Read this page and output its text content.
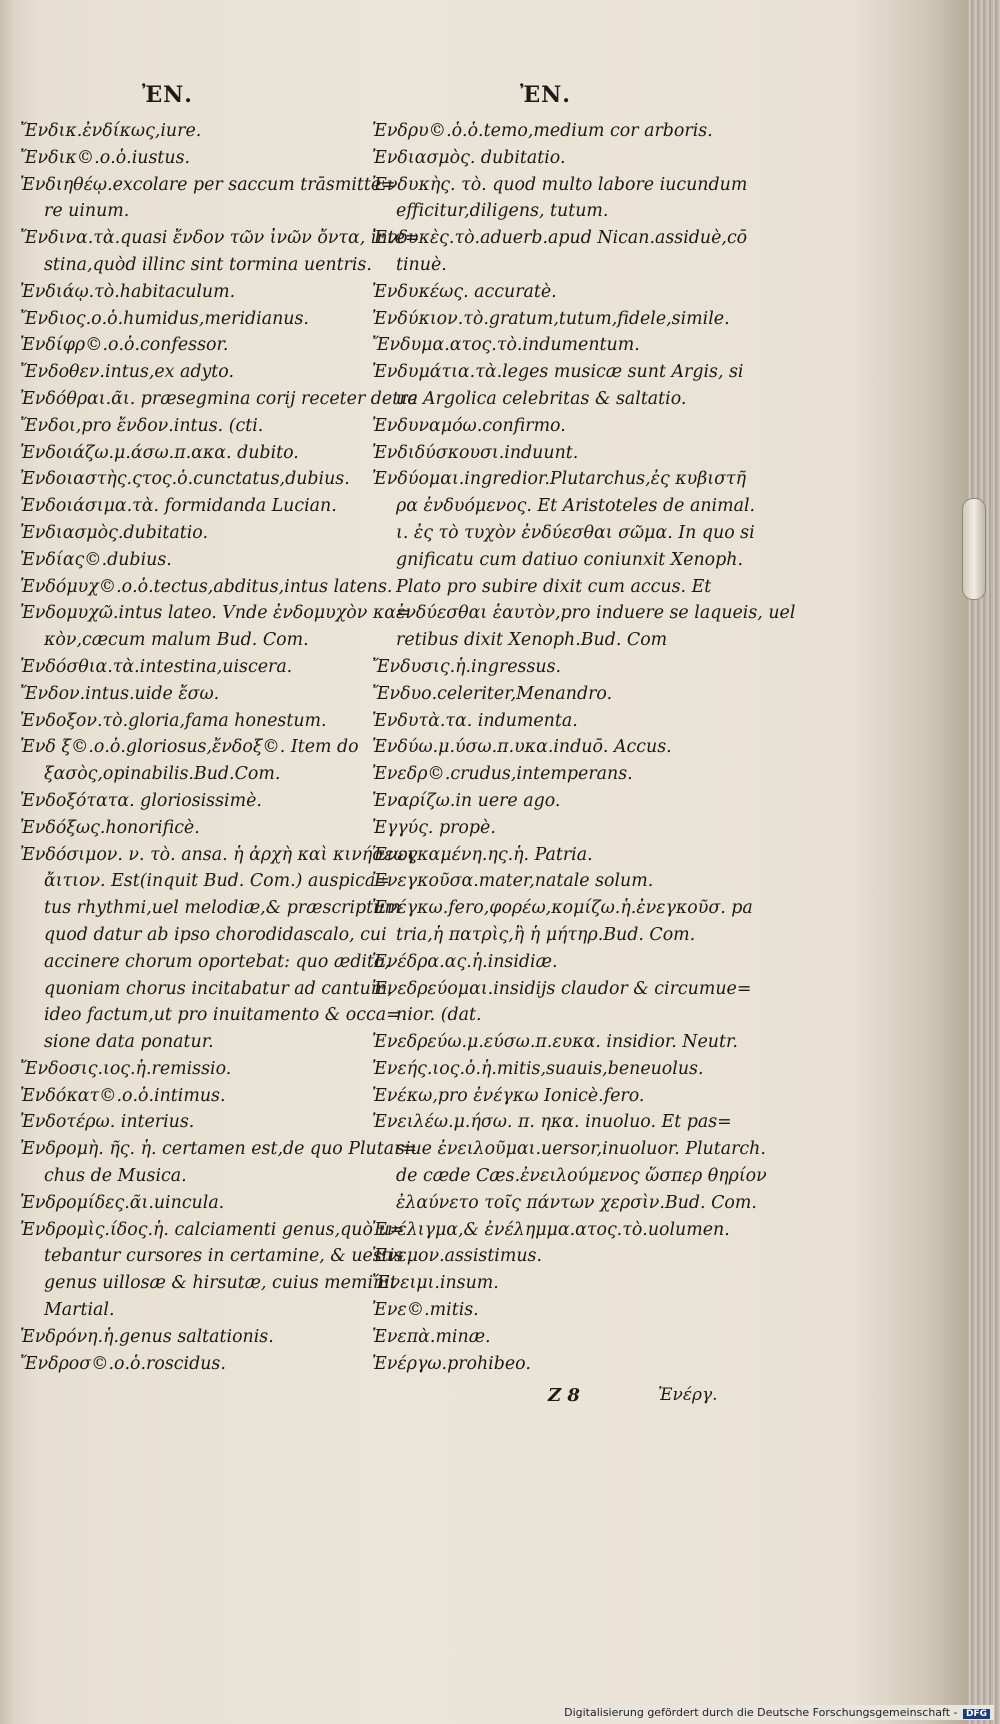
ἘΝ.	ἘΝ.
Ἔνδικ.ἐνδίκως,iure.
Ἔνδικ©.ο.ὁ.iustus.
Ἐνδιηθέῳ.excolare per saccum trāsmitte=
re uinum.
Ἔνδινα.τὰ.quasi ἔνδον τῶν ἰνῶν ὄντα, inte=
stina,quòd illinc sint tormina uentris.
Ἐνδιάῳ.τὸ.habitaculum.
Ἔνδιος.ο.ὁ.humidus,meridianus.
Ἐνδίφρ©.ο.ὁ.confessor.
Ἔνδοθεν.intus,ex adyto.
Ἐνδόθραι.ᾶι. præsegmina corij receter detra
Ἔνδοι,pro ἔνδον.intus. (cti.
Ἐνδοιάζω.μ.άσω.π.ακα. dubito.
Ἐνδοιαστὴς.ςτος.ὁ.cunctatus,dubius.
Ἐνδοιάσιμα.τὰ. formidanda Lucian.
Ἐνδιασμὸς.dubitatio.
Ἐνδίας©.dubius.
Ἐνδόμυχ©.ο.ὁ.tectus,abditus,intus latens.
Ἐνδομυχῶ.intus lateo. Vnde ἐνδομυχὸν κα=
κὸν,cæcum malum Bud. Com.
Ἐνδόσθια.τὰ.intestina,uiscera.
Ἔνδον.intus.uide ἔσω.
Ἐνδοξον.τὸ.gloria,fama honestum.
Ἐνδ ξ©.ο.ὁ.gloriosus,ἔνδοξ©. Item do
ξασὸς,opinabilis.Bud.Com.
Ἐνδοξότατα. gloriosissimè.
Ἐνδόξως.honorificè.
Ἐνδόσιμον. ν. τὸ. ansa. ἡ ἀρχὴ καὶ κινήσεως
ἄιτιον. Est(inquit Bud. Com.) auspica=
tus rhythmi,uel melodiæ,& præscriptum
quod datur ab ipso chorodidascalo, cui
accinere chorum oportebat: quo ædito,
quoniam chorus incitabatur ad cantum,
ideo factum,ut pro inuitamento & occa=
sione data ponatur.
Ἔνδοσις.ιος.ἡ.remissio.
Ἐνδόκατ©.ο.ὁ.intimus.
Ἐνδοτέρω. interius.
Ἐνδρομὴ. ῆς. ἡ. certamen est,de quo Plutar=
chus de Musica.
Ἐνδρομίδες.ᾶι.uincula.
Ἐνδρομὶς.ίδος.ἡ. calciamenti genus,quò u=
tebantur cursores in certamine, & uestis
genus uillosæ & hirsutæ, cuius meminit
Martial.
Ἐνδρόνη.ἡ.genus saltationis.
Ἔνδροσ©.ο.ὁ.roscidus.
Ἐνδρυ©.ὁ.ὁ.temo,medium cor arboris.
Ἐνδιασμὸς. dubitatio.
Ἐνδυκὴς. τὸ. quod multo labore iucundum
efficitur,diligens, tutum.
Ἐνδυκὲς.τὸ.aduerb.apud Nican.assiduè,cō
tinuè.
Ἐνδυκέως. accuratè.
Ἐνδύκιον.τὸ.gratum,tutum,fidele,simile.
Ἔνδυμα.ατος.τὸ.indumentum.
Ἐνδυμάτια.τὰ.leges musicæ sunt Argis, si
ue Argolica celebritas & saltatio.
Ἐνδυναμόω.confirmo.
Ἐνδιδύσκουσι.induunt.
Ἐνδύομαι.ingredior.Plutarchus,ἐς κυβιστῆ
ρα ἐνδυόμενος. Et Aristoteles de animal.
ι. ἐς τὸ τυχὸν ἐνδύεσθαι σῶμα. In quo si
gnificatu cum datiuo coniunxit Xenoph.
Plato pro subire dixit cum accus. Et
ἐνδύεσθαι ἑαυτὸν,pro induere se laqueis, uel
retibus dixit Xenoph.Bud. Com
Ἔνδυσις.ἡ.ingressus.
Ἔνδυο.celeriter,Menandro.
Ἐνδυτὰ.τα. indumenta.
Ἐνδύω.μ.ύσω.π.υκα.induō. Accus.
Ἐνεδρ©.crudus,intemperans.
Ἐναρίζω.in uere ago.
Ἐγγύς. propè.
Ἐνεγκαμένη.ης.ἡ. Patria.
Ἐνεγκοῦσα.mater,natale solum.
Ἐνέγκω.fero,φορέω,κομίζω.ἡ.ἐνεγκοῦσ. pa
tria,ἡ πατρὶς,ἢ ἡ μήτηρ.Bud. Com.
Ἐνέδρα.ας.ἡ.insidiæ.
Ἐνεδρεύομαι.insidijs claudor & circumue=
nior. (dat.
Ἐνεδρεύω.μ.εύσω.π.ευκα. insidior. Neutr.
Ἐνεής.ιος.ὁ.ἡ.mitis,suauis,beneuolus.
Ἐνέκω,pro ἐνέγκω Ionicè.fero.
Ἐνειλέω.μ.ήσω. π. ηκα. inuoluo. Et pas=
siue ἐνειλοῦμαι.uersor,inuoluor. Plutarch.
de cæde Cæs.ἐνειλούμενος ὥσπερ θηρίον
ἐλαύνετο τοῖς πάντων χερσὶν.Bud. Com.
Ἐνέλιγμα,& ἐνέλημμα.ατος.τὸ.uolumen.
Ἐνεμον.assistimus.
Ἔνειμι.insum.
Ἐνε©.mitis.
Ἐνεπὰ.minæ.
Ἐνέργω.prohibeo.
Z 8	Ἐνέργ.
Digitalisierung gefördert durch die Deutsche Forschungsgemeinschaft - DFG
